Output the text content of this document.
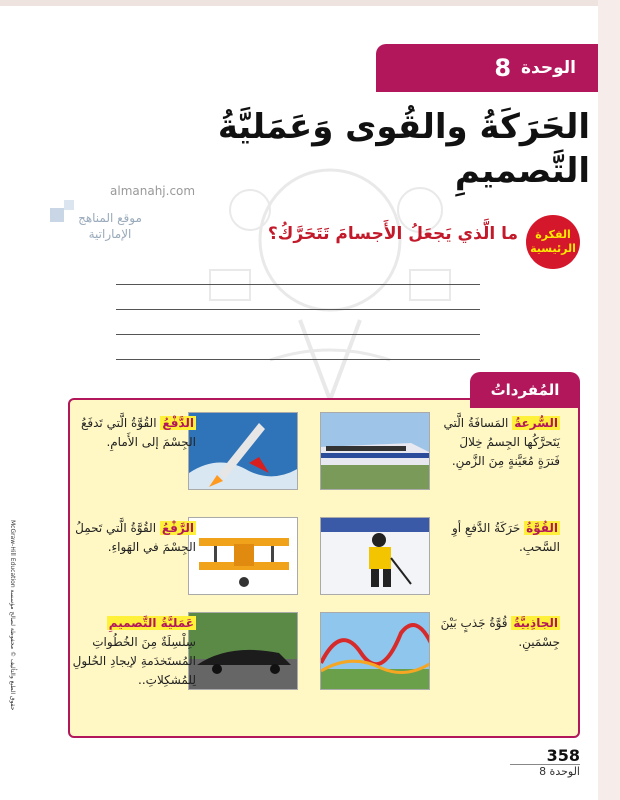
الوحدة
8
الحَرَكَةُ والقُوى وَعَمَليَّةُ التَّصميمِ
almanahj.com
موقع المناهج الإماراتية	الفكرة
الرئيسية
ما الَّذي يَجعَلُ الأَجسامَ تَتَحَرَّكُ؟
المُفرداتُ
السُّرعةُ المَسافَةُ الَّتي يَتَحرَّكُها الجِسمُ خِلالَ فَترَةٍ مُعَيَّنةٍ مِنَ الزَّمنِ.
القُوَّةُ حَرَكَةُ الدَّفعِ أوِ السَّحبِ.
الجاذِبيَّةُ قُوَّةُ جَذبٍ بَيْنَ جِسْمَينِ.
الدَّفْعُ القُوَّةُ الَّتي تَدفَعُ الجِسْمَ إلى الأَمامِ.
الرَّفْعُ القُوَّةُ الَّتي تَحمِلُ الجِسْمَ في الهَواءِ.
عَمَليَّةُ التَّصميمِ سِلْسِلَةٌ مِنَ الخُطُواتِ المُستَخدَمةِ لإيجادِ الحُلولِ لِلمُشكِلاتِ..
McGraw-Hill Education حقوق الطبع والتأليف © محفوظة لصالح مؤسسة
358
الوحدة 8
